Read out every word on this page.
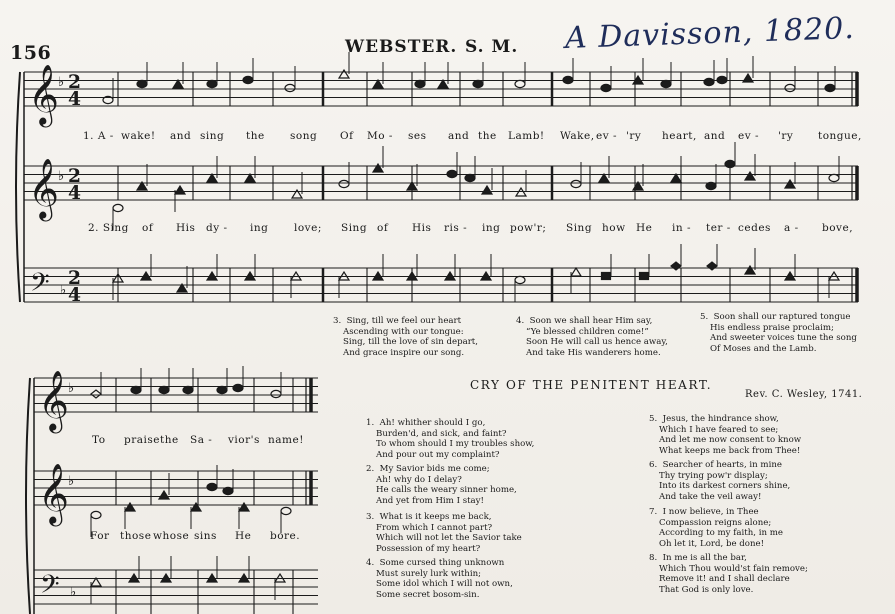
156	WEBSTER. S. M. A Davisson, 1820.
𝄞
𝄞
𝄢
♭
♭
♭
2
4
2
4
2
4
𝄞
𝄞
𝄢
♭
♭
♭
1. A - wake! and sing the song Of Mo - ses and the Lamb! Wake, ev - 'ry heart, and ev - 'ry tongue,
2. Sing of His dy - ing love; Sing of His ris - ing pow'r; Sing how He in - ter - cedes a - bove,
To praise the Sa - vior's name!
For those whose sins He bore.
3.  Sing, till we feel our heart
Ascending with our tongue:
Sing, till the love of sin depart,
And grace inspire our song.
4.  Soon we shall hear Him say,
“Ye blessed children come!”
Soon He will call us hence away,
And take His wanderers home.
5.  Soon shall our raptured tongue
His endless praise proclaim;
And sweeter voices tune the song
Of Moses and the Lamb.
CRY OF THE PENITENT HEART.
Rev. C. Wesley, 1741.
1.  Ah! whither should I go,
Burden'd, and sick, and faint?
To whom should I my troubles show,
And pour out my complaint?
2.  My Savior bids me come;
Ah! why do I delay?
He calls the weary sinner home,
And yet from Him I stay!
3.  What is it keeps me back,
From which I cannot part?
Which will not let the Savior take
Possession of my heart?
4.  Some cursed thing unknown
Must surely lurk within;
Some idol which I will not own,
Some secret bosom-sin.
5.  Jesus, the hindrance show,
Which I have feared to see;
And let me now consent to know
What keeps me back from Thee!
6.  Searcher of hearts, in mine
Thy trying pow'r display;
Into its darkest corners shine,
And take the veil away!
7.  I now believe, in Thee
Compassion reigns alone;
According to my faith, in me
Oh let it, Lord, be done!
8.  In me is all the bar,
Which Thou would'st fain remove;
Remove it! and I shall declare
That God is only love.
